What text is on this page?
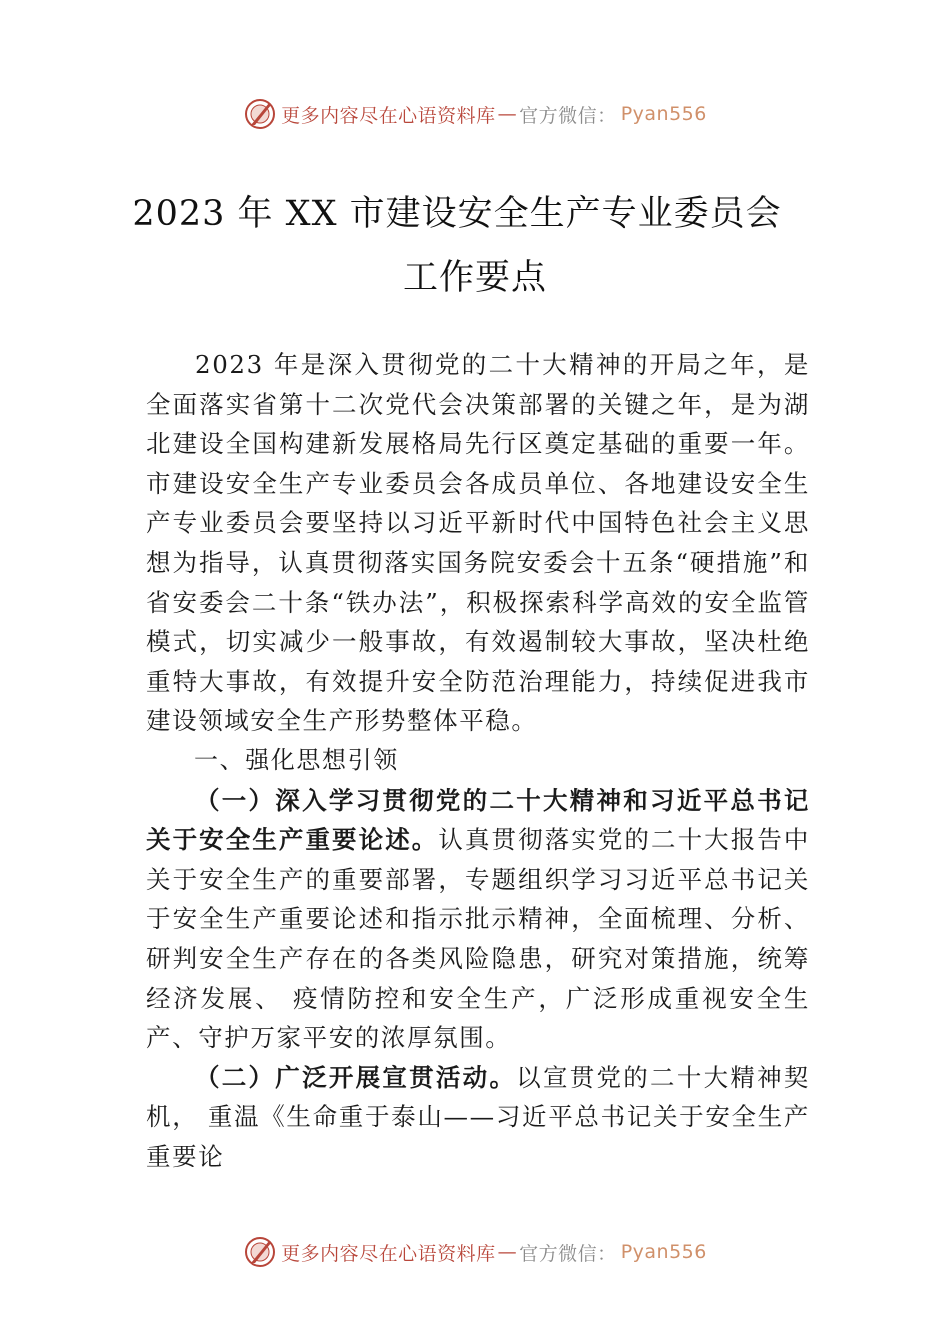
更多内容尽在心语资料库 — 官方微信： Pyan556
2023 年 XX 市建设安全生产专业委员会
工作要点

2023 年是深入贯彻党的二十大精神的开局之年，是全面落实省第十二次党代会决策部署的关键之年，是为湖北建设全国构建新发展格局先行区奠定基础的重要一年。市建设安全生产专业委员会各成员单位、各地建设安全生产专业委员会要坚持以习近平新时代中国特色社会主义思想为指导，认真贯彻落实国务院安委会十五条“硬措施”和省安委会二十条“铁办法”，积极探索科学高效的安全监管模式，切实减少一般事故，有效遏制较大事故，坚决杜绝重特大事故，有效提升安全防范治理能力，持续促进我市建设领域安全生产形势整体平稳。

一、强化思想引领

（一）深入学习贯彻党的二十大精神和习近平总书记关于安全生产重要论述。认真贯彻落实党的二十大报告中关于安全生产的重要部署，专题组织学习习近平总书记关于安全生产重要论述和指示批示精神，全面梳理、分析、研判安全生产存在的各类风险隐患，研究对策措施，统筹经济发展、 疫情防控和安全生产，广泛形成重视安全生产、守护万家平安的浓厚氛围。

（二）广泛开展宣贯活动。以宣贯党的二十大精神契机， 重温《生命重于泰山——习近平总书记关于安全生产重要论

更多内容尽在心语资料库 — 官方微信： Pyan556
